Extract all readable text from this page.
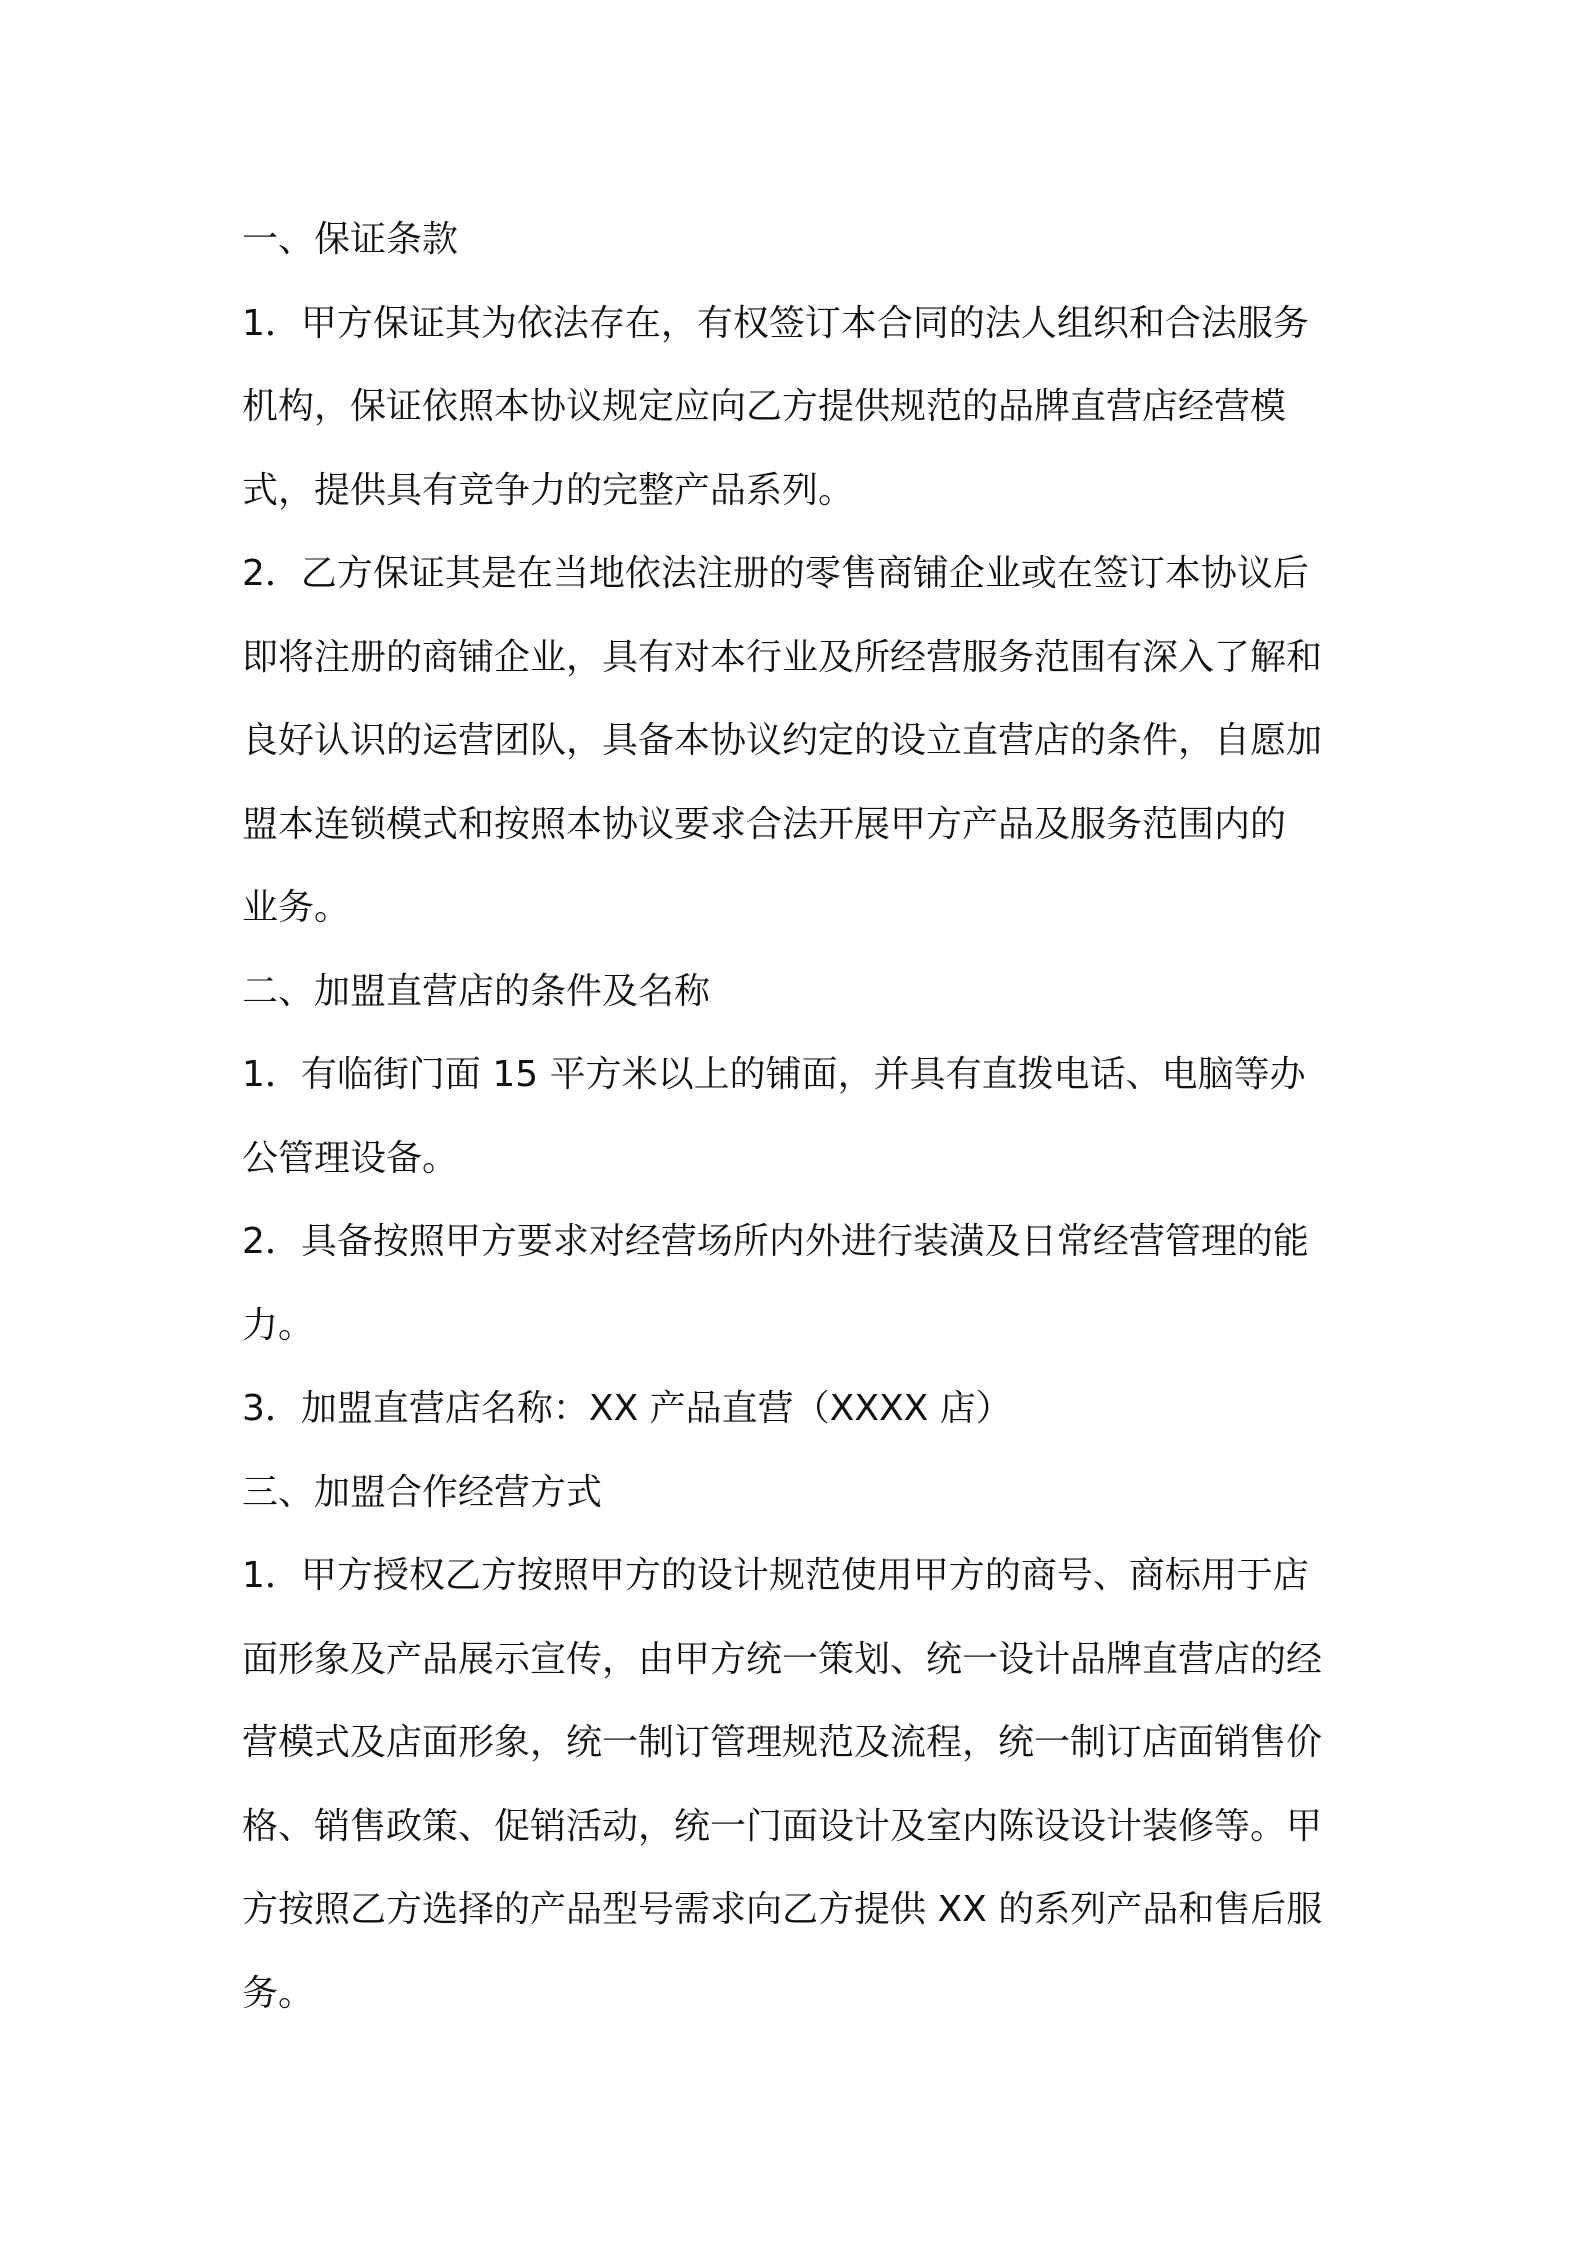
一、保证条款
1．甲方保证其为依法存在，有权签订本合同的法人组织和合法服务
机构，保证依照本协议规定应向乙方提供规范的品牌直营店经营模
式，提供具有竞争力的完整产品系列。
2．乙方保证其是在当地依法注册的零售商铺企业或在签订本协议后
即将注册的商铺企业，具有对本行业及所经营服务范围有深入了解和
良好认识的运营团队，具备本协议约定的设立直营店的条件，自愿加
盟本连锁模式和按照本协议要求合法开展甲方产品及服务范围内的
业务。
二、加盟直营店的条件及名称
1．有临街门面 15 平方米以上的铺面，并具有直拨电话、电脑等办
公管理设备。
2．具备按照甲方要求对经营场所内外进行装潢及日常经营管理的能
力。
3．加盟直营店名称：XX 产品直营（XXXX 店）
三、加盟合作经营方式
1．甲方授权乙方按照甲方的设计规范使用甲方的商号、商标用于店
面形象及产品展示宣传，由甲方统一策划、统一设计品牌直营店的经
营模式及店面形象，统一制订管理规范及流程，统一制订店面销售价
格、销售政策、促销活动，统一门面设计及室内陈设设计装修等。甲
方按照乙方选择的产品型号需求向乙方提供 XX 的系列产品和售后服
务。
